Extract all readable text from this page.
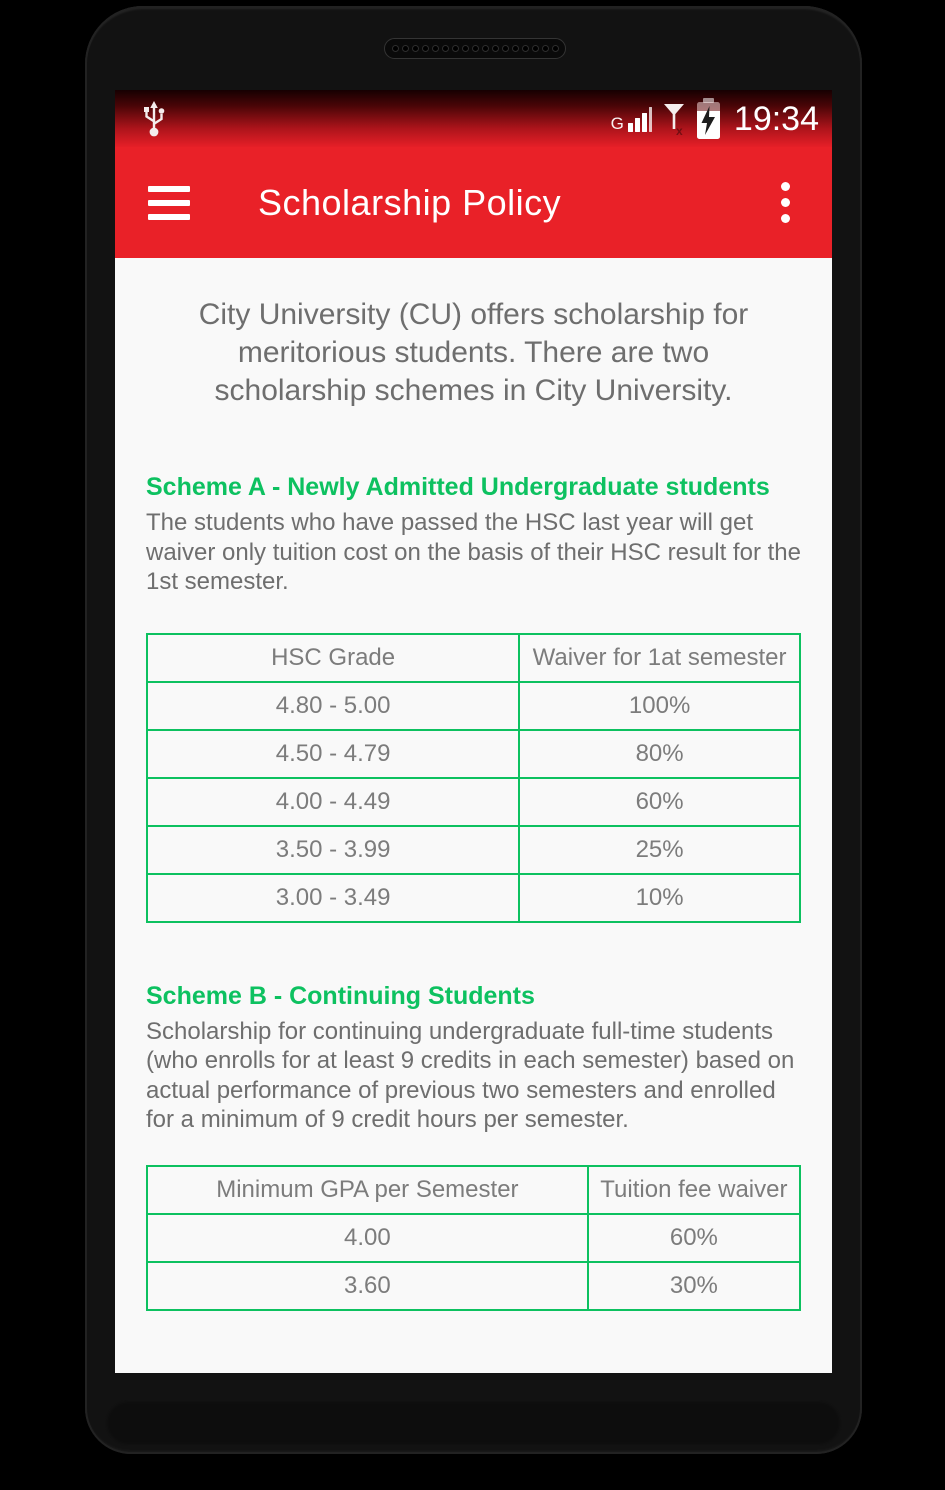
G	x 19:34
Scholarship Policy

City University (CU) offers scholarship for meritorious students. There are two scholarship schemes in City University.

Scheme A - Newly Admitted Undergraduate students

The students who have passed the HSC last year will get waiver only tuition cost on the basis of their HSC result for the 1st semester.

HSC Grade	Waiver for 1at semester
4.80 - 5.00	100%
4.50 - 4.79	80%
4.00 - 4.49	60%
3.50 - 3.99	25%
3.00 - 3.49	10%
Scheme B - Continuing Students

Scholarship for continuing undergraduate full-time students (who enrolls for at least 9 credits in each semester) based on actual performance of previous two semesters and enrolled for a minimum of 9 credit hours per semester.

Minimum GPA per Semester	Tuition fee waiver
4.00	60%
3.60	30%
